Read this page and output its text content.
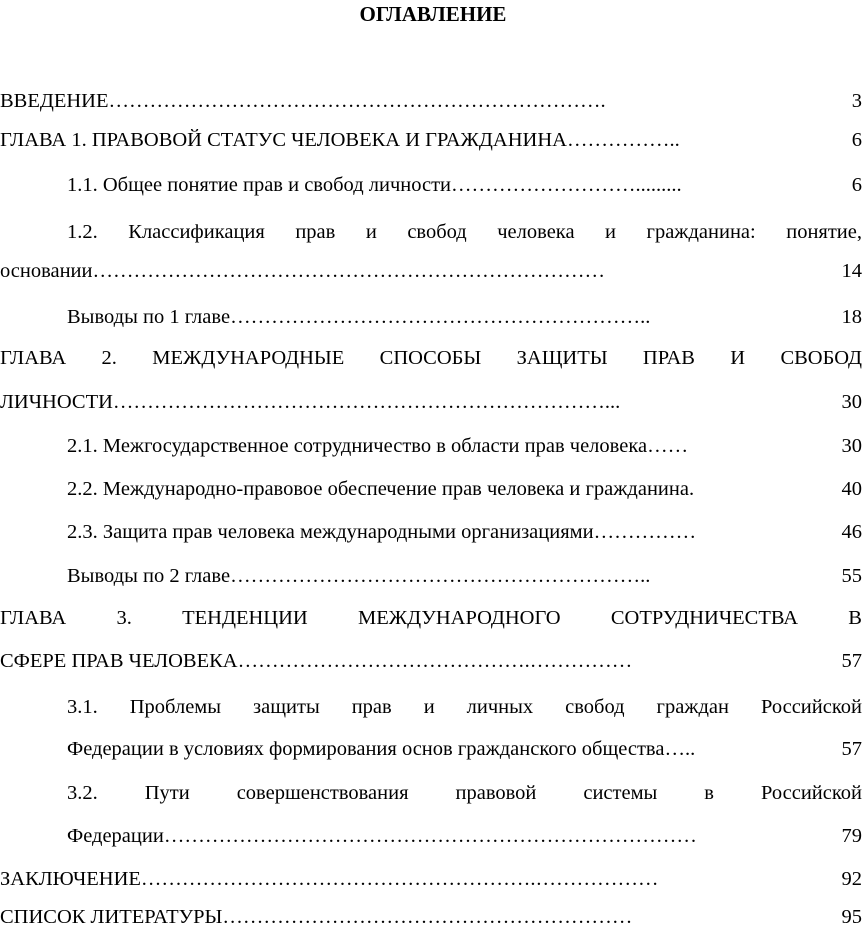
ОГЛАВЛЕНИЕ
ВВЕДЕНИЕ ……………………………………………………………….	3
ГЛАВА 1. ПРАВОВОЙ СТАТУС ЧЕЛОВЕКА И ГРАЖДАНИНА ……………..	6
1.1. Общее понятие прав и свобод личности ……………………….........	6
1.2. Классификация прав и свобод человека и гражданина: понятие,
основании …………………………………………………………………	14
Выводы по 1 главе ……………………………………………………..	18
ГЛАВА 2. МЕЖДУНАРОДНЫЕ СПОСОБЫ ЗАЩИТЫ ПРАВ И СВОБОД
ЛИЧНОСТИ ………………………………………………………………...	30
2.1. Межгосударственное сотрудничество в области прав человека ……	30
2.2. Международно-правовое обеспечение прав человека и гражданина.	40
2.3. Защита прав человека международными организациями ……………	46
Выводы по 2 главе ……………………………………………………..	55
ГЛАВА 3. ТЕНДЕНЦИИ МЕЖДУНАРОДНОГО СОТРУДНИЧЕСТВА В
СФЕРЕ ПРАВ ЧЕЛОВЕКА …………………………………….……………	57
3.1. Проблемы защиты прав и личных свобод граждан Российской
Федерации в условиях формирования основ гражданского общества …..	57
3.2. Пути совершенствования правовой системы в Российской
Федерации ……………………………………………………………………	79
ЗАКЛЮЧЕНИЕ ………………………………………………….………………	92
СПИСОК ЛИТЕРАТУРЫ ……………………………………………………	95
